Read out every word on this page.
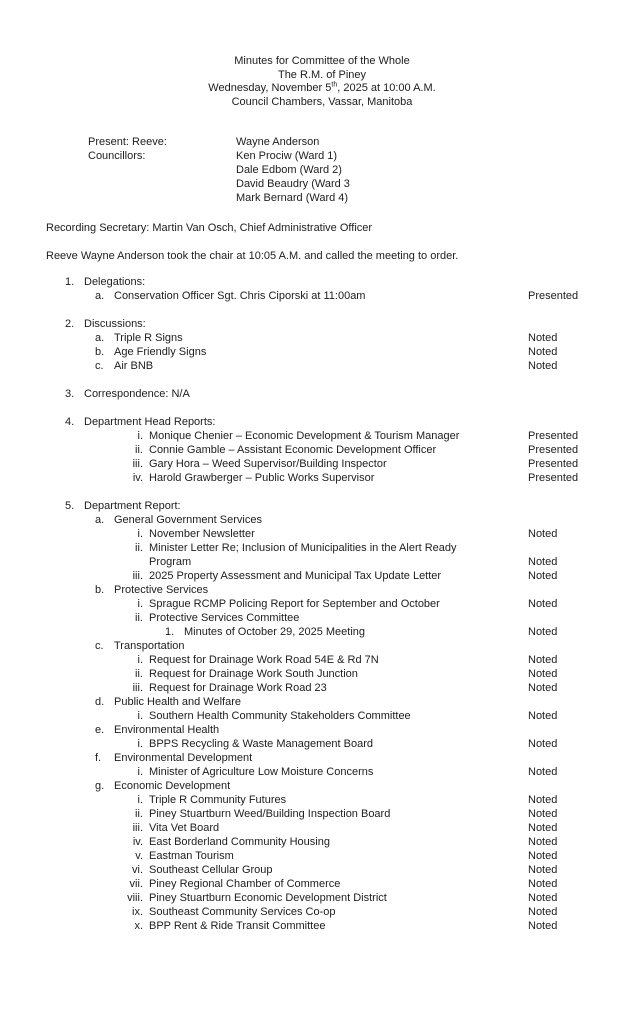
Minutes for Committee of the Whole
The R.M. of Piney
Wednesday, November 5th, 2025 at 10:00 A.M.
Council Chambers, Vassar, Manitoba
Present: Reeve:	Wayne Anderson
Councillors:	Ken Prociw (Ward 1)
Dale Edbom (Ward 2)
David Beaudry (Ward 3
Mark Bernard (Ward 4)
Recording Secretary: Martin Van Osch, Chief Administrative Officer
Reeve Wayne Anderson took the chair at 10:05 A.M. and called the meeting to order.
1. Delegations:
a. Conservation Officer Sgt. Chris Ciporski at 11:00am	Presented
2. Discussions:
a. Triple R Signs	Noted
b. Age Friendly Signs	Noted
c. Air BNB	Noted
3. Correspondence: N/A
4. Department Head Reports:
i. Monique Chenier – Economic Development & Tourism Manager	Presented
ii. Connie Gamble – Assistant Economic Development Officer	Presented
iii. Gary Hora – Weed Supervisor/Building Inspector	Presented
iv. Harold Grawberger – Public Works Supervisor	Presented
5. Department Report:
a. General Government Services
i. November Newsletter	Noted
ii. Minister Letter Re; Inclusion of Municipalities in the Alert Ready
Program	Noted
iii. 2025 Property Assessment and Municipal Tax Update Letter	Noted
b. Protective Services
i. Sprague RCMP Policing Report for September and October	Noted
ii. Protective Services Committee
1. Minutes of October 29, 2025 Meeting	Noted
c. Transportation
i. Request for Drainage Work Road 54E & Rd 7N	Noted
ii. Request for Drainage Work South Junction	Noted
iii. Request for Drainage Work Road 23	Noted
d. Public Health and Welfare
i. Southern Health Community Stakeholders Committee	Noted
e. Environmental Health
i. BPPS Recycling & Waste Management Board	Noted
f.	Environmental Development
i. Minister of Agriculture Low Moisture Concerns	Noted
g. Economic Development
i. Triple R Community Futures	Noted
ii. Piney Stuartburn Weed/Building Inspection Board	Noted
iii. Vita Vet Board	Noted
iv. East Borderland Community Housing	Noted
v. Eastman Tourism	Noted
vi. Southeast Cellular Group	Noted
vii. Piney Regional Chamber of Commerce	Noted
viii. Piney Stuartburn Economic Development District	Noted
ix. Southeast Community Services Co-op	Noted
x. BPP Rent & Ride Transit Committee	Noted
